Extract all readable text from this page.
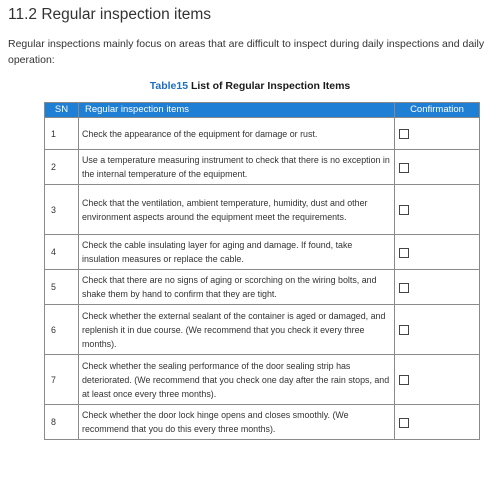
11.2 Regular inspection items

Regular inspections mainly focus on areas that are difficult to inspect during daily inspections and daily operation:

Table15 List of Regular Inspection Items
SN	Regular inspection items	Confirmation
1	Check the appearance of the equipment for damage or rust.	
2	Use a temperature measuring instrument to check that there is no exception in the internal temperature of the equipment.	
3	Check that the ventilation, ambient temperature, humidity, dust and other environment aspects around the equipment meet the requirements.	
4	Check the cable insulating layer for aging and damage. If found, take insulation measures or replace the cable.	
5	Check that there are no signs of aging or scorching on the wiring bolts, and shake them by hand to confirm that they are tight.	
6	Check whether the external sealant of the container is aged or damaged, and replenish it in due course. (We recommend that you check it every three months).	
7	Check whether the sealing performance of the door sealing strip has deteriorated. (We recommend that you check one day after the rain stops, and at least once every three months).	
8	Check whether the door lock hinge opens and closes smoothly. (We recommend that you do this every three months).	
